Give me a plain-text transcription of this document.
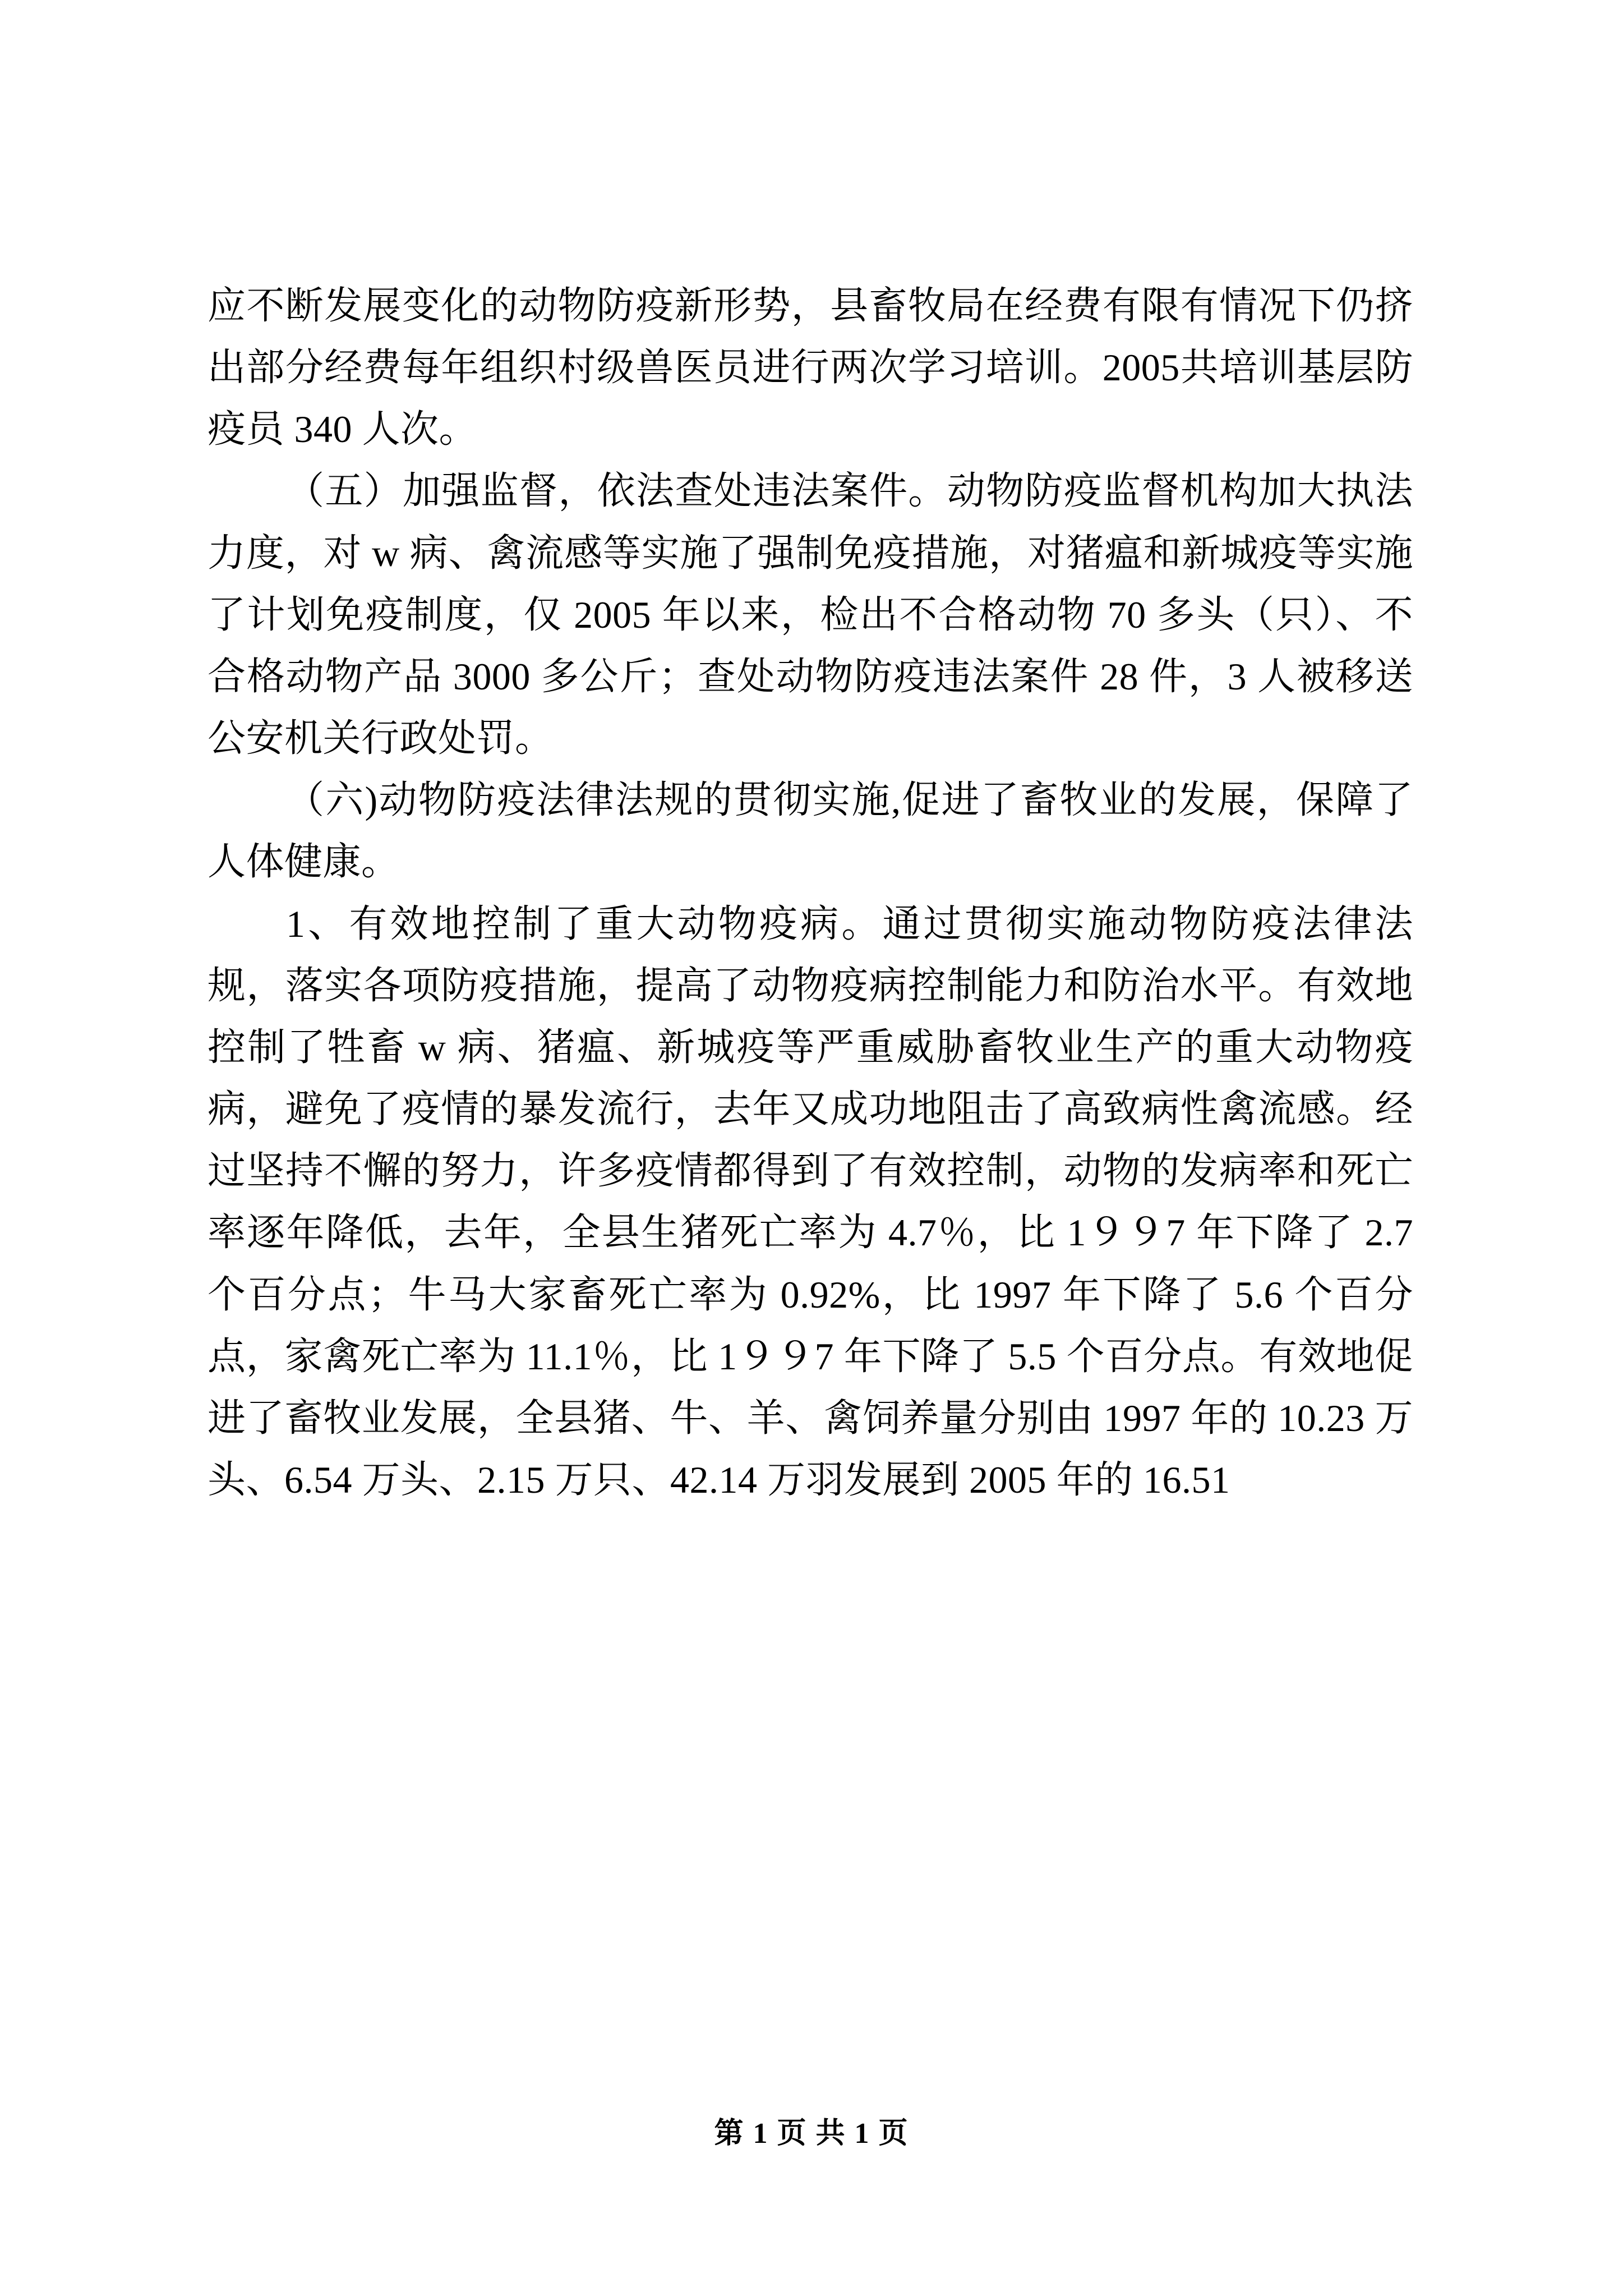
应不断发展变化的动物防疫新形势，县畜牧局在经费有限有情况下仍挤出部分经费每年组织村级兽医员进行两次学习培训。2005共培训基层防疫员 340 人次。

（五）加强监督，依法查处违法案件。动物防疫监督机构加大执法力度，对 w 病、禽流感等实施了强制免疫措施，对猪瘟和新城疫等实施了计划免疫制度，仅 2005 年以来，检出不合格动物 70 多头（只）、不合格动物产品 3000 多公斤；查处动物防疫违法案件 28 件，3 人被移送公安机关行政处罚。

（六)动物防疫法律法规的贯彻实施,促进了畜牧业的发展，保障了人体健康。

1、有效地控制了重大动物疫病。通过贯彻实施动物防疫法律法规，落实各项防疫措施，提高了动物疫病控制能力和防治水平。有效地控制了牲畜 w 病、猪瘟、新城疫等严重威胁畜牧业生产的重大动物疫病，避免了疫情的暴发流行，去年又成功地阻击了高致病性禽流感。经过坚持不懈的努力，许多疫情都得到了有效控制，动物的发病率和死亡率逐年降低，去年，全县生猪死亡率为 4.7％，比 1９９7 年下降了 2.7 个百分点；牛马大家畜死亡率为 0.92%，比 1997 年下降了 5.6 个百分点，家禽死亡率为 11.1％，比 1９９7 年下降了 5.5 个百分点。有效地促进了畜牧业发展，全县猪、牛、羊、禽饲养量分别由 1997 年的 10.23 万头、6.54 万头、2.15 万只、42.14 万羽发展到 2005 年的 16.51

第 1 页 共 1 页
